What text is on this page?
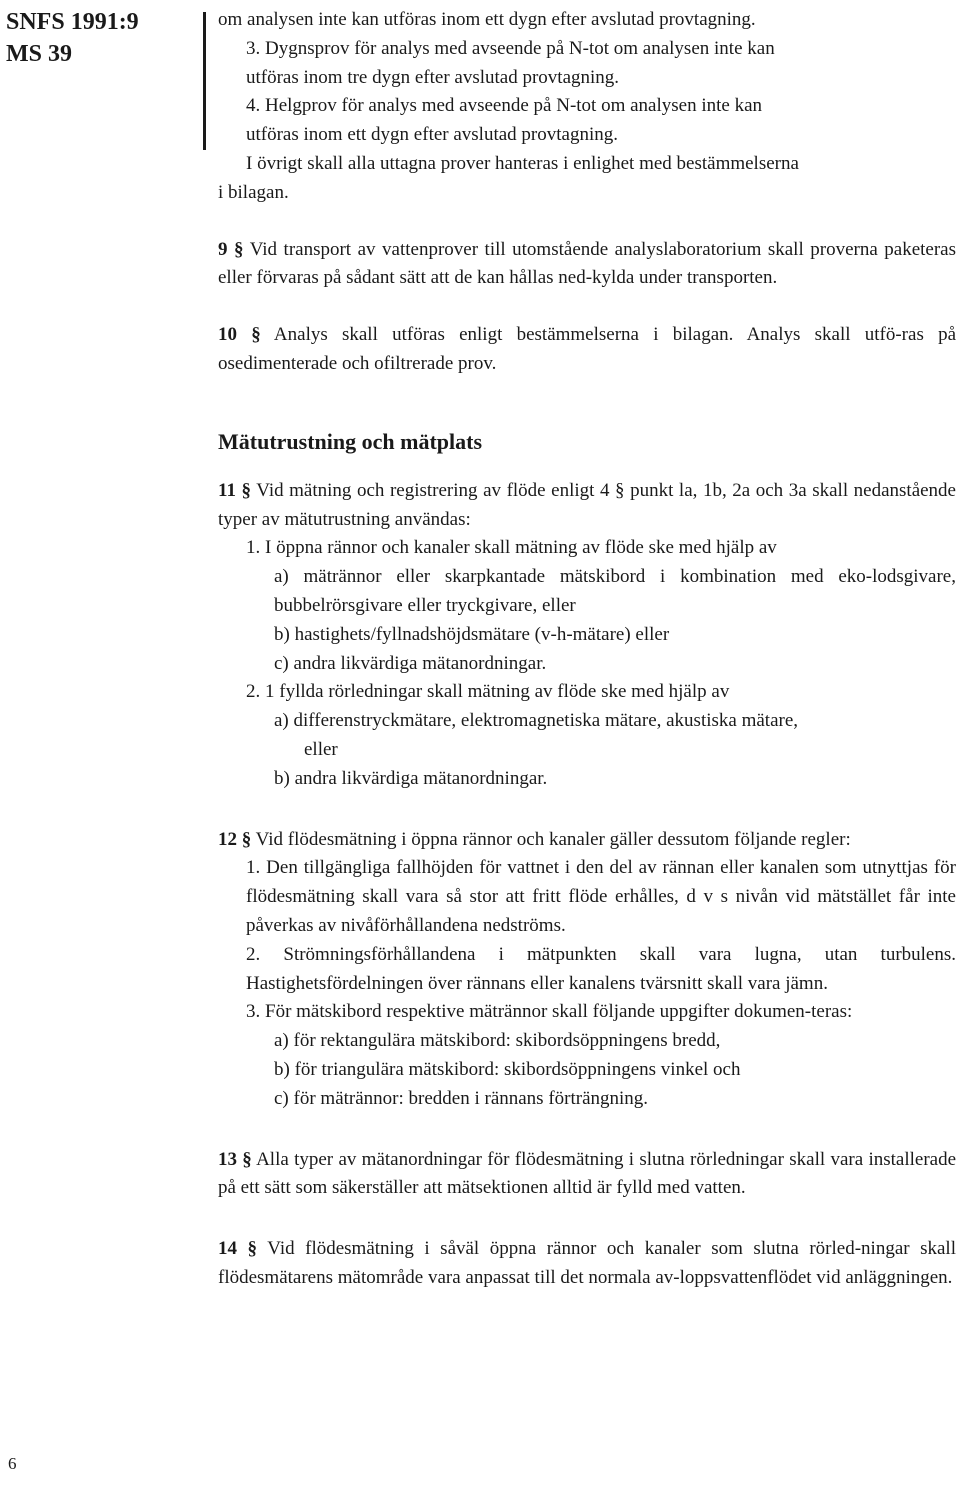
SNFS 1991:9
MS 39
6

om analysen inte kan utföras inom ett dygn efter avslutad provtagning.

3. Dygnsprov för analys med avseende på N-tot om analysen inte kan

utföras inom tre dygn efter avslutad provtagning.

4. Helgprov för analys med avseende på N-tot om analysen inte kan

utföras inom ett dygn efter avslutad provtagning.

I övrigt skall alla uttagna prover hanteras i enlighet med bestämmelserna

i bilagan.

9 § Vid transport av vattenprover till utomstående analyslaboratorium skall proverna paketeras eller förvaras på sådant sätt att de kan hållas ned-kylda under transporten.

10 § Analys skall utföras enligt bestämmelserna i bilagan. Analys skall utfö-ras på osedimenterade och ofiltrerade prov.

Mätutrustning och mätplats

11 § Vid mätning och registrering av flöde enligt 4 § punkt la, 1b, 2a och 3a skall nedanstående typer av mätutrustning användas:

1. I öppna rännor och kanaler skall mätning av flöde ske med hjälp av

a) mätrännor eller skarpkantade mätskibord i kombination med eko-lodsgivare, bubbelrörsgivare eller tryckgivare, eller

b) hastighets/fyllnadshöjdsmätare (v-h-mätare) eller

c) andra likvärdiga mätanordningar.

2. 1 fyllda rörledningar skall mätning av flöde ske med hjälp av

a) differenstryckmätare, elektromagnetiska mätare, akustiska mätare,

eller

b) andra likvärdiga mätanordningar.

12 § Vid flödesmätning i öppna rännor och kanaler gäller dessutom följande regler:

1. Den tillgängliga fallhöjden för vattnet i den del av rännan eller kanalen som utnyttjas för flödesmätning skall vara så stor att fritt flöde erhålles, d v s nivån vid mätstället får inte påverkas av nivåförhållandena nedströms.

2. Strömningsförhållandena i mätpunkten skall vara lugna, utan turbulens. Hastighetsfördelningen över rännans eller kanalens tvärsnitt skall vara jämn.

3. För mätskibord respektive mätrännor skall följande uppgifter dokumen-teras:

a) för rektangulära mätskibord: skibordsöppningens bredd,

b) för triangulära mätskibord: skibordsöppningens vinkel och

c) för mätrännor: bredden i rännans förträngning.

13 § Alla typer av mätanordningar för flödesmätning i slutna rörledningar skall vara installerade på ett sätt som säkerställer att mätsektionen alltid är fylld med vatten.

14 § Vid flödesmätning i såväl öppna rännor och kanaler som slutna rörled-ningar skall flödesmätarens mätområde vara anpassat till det normala av-loppsvattenflödet vid anläggningen.
